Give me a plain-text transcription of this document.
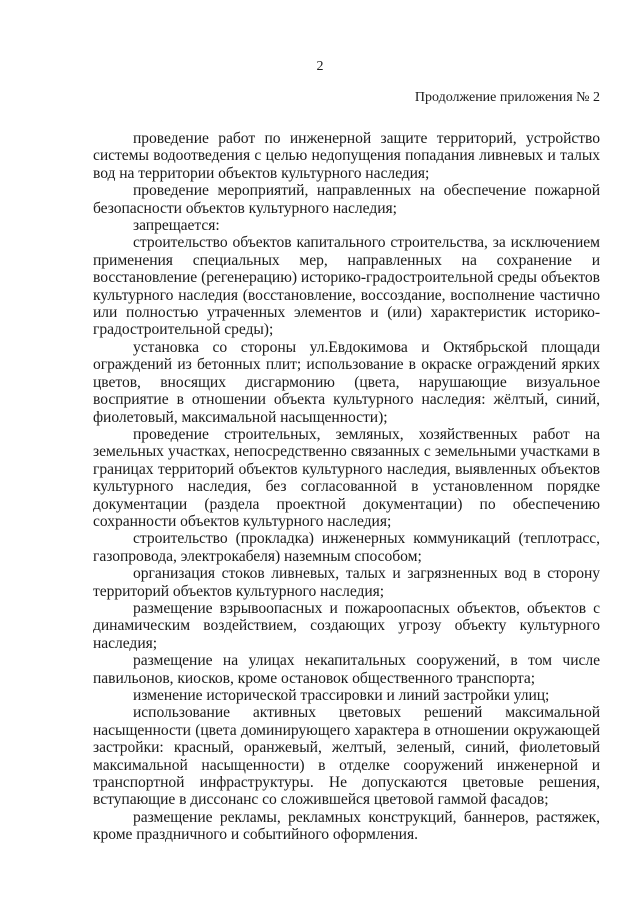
2
Продолжение приложения № 2

проведение работ по инженерной защите территорий, устройство системы водоотведения с целью недопущения попадания ливневых и талых вод на территории объектов культурного наследия;

проведение мероприятий, направленных на обеспечение пожарной безопасности объектов культурного наследия;

запрещается:

строительство объектов капитального строительства, за исключением применения специальных мер, направленных на сохранение и восстановление (регенерацию) историко-градостроительной среды объектов культурного наследия (восстановление, воссоздание, восполнение частично или полностью утраченных элементов и (или) характеристик историко-градостроительной среды);

установка со стороны ул.Евдокимова и Октябрьской площади ограждений из бетонных плит; использование в окраске ограждений ярких цветов, вносящих дисгармонию (цвета, нарушающие визуальное восприятие в отношении объекта культурного наследия: жёлтый, синий, фиолетовый, максимальной насыщенности);

проведение строительных, земляных, хозяйственных работ на земельных участках, непосредственно связанных с земельными участками в границах территорий объектов культурного наследия, выявленных объектов культурного наследия, без согласованной в установленном порядке документации (раздела проектной документации) по обеспечению сохранности объектов культурного наследия;

строительство (прокладка) инженерных коммуникаций (теплотрасс, газопровода, электрокабеля) наземным способом;

организация стоков ливневых, талых и загрязненных вод в сторону территорий объектов культурного наследия;

размещение взрывоопасных и пожароопасных объектов, объектов с динамическим воздействием, создающих угрозу объекту культурного наследия;

размещение на улицах некапитальных сооружений, в том числе павильонов, киосков, кроме остановок общественного транспорта;

изменение исторической трассировки и линий застройки улиц;

использование активных цветовых решений максимальной насыщенности (цвета доминирующего характера в отношении окружающей застройки: красный, оранжевый, желтый, зеленый, синий, фиолетовый максимальной насыщенности) в отделке сооружений инженерной и транспортной инфраструктуры. Не допускаются цветовые решения, вступающие в диссонанс со сложившейся цветовой гаммой фасадов;

размещение рекламы, рекламных конструкций, баннеров, растяжек, кроме праздничного и событийного оформления.
